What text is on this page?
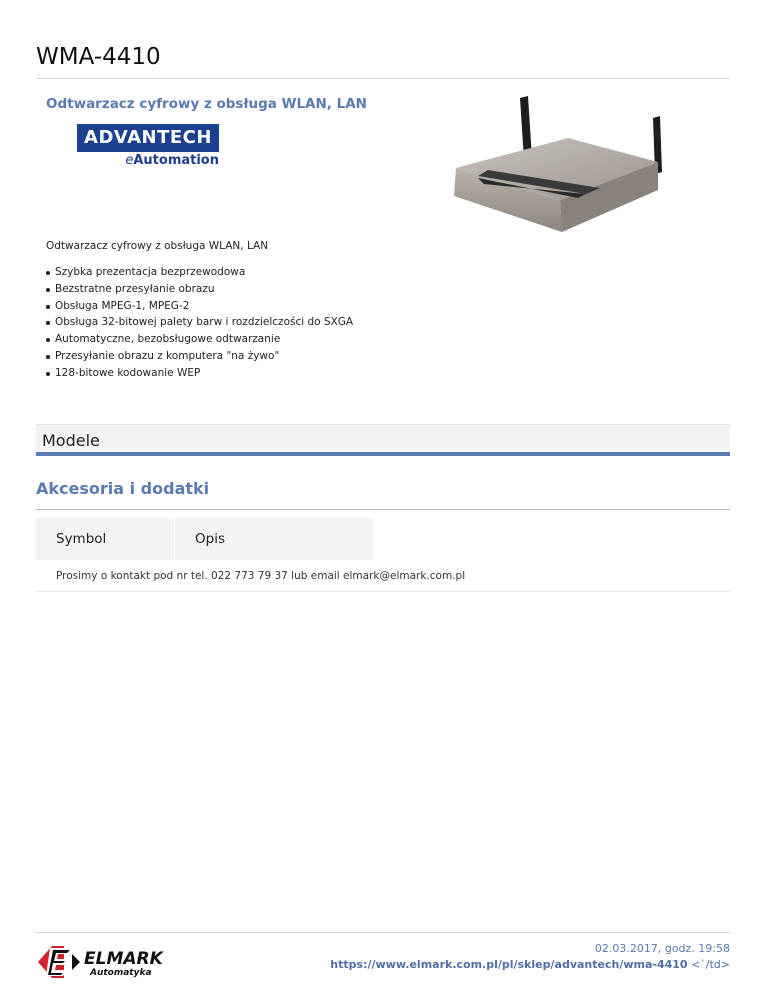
WMA-4410
Odtwarzacz cyfrowy z obsługa WLAN, LAN
ADVANTECH
eAutomation
Odtwarzacz cyfrowy z obsługa WLAN, LAN
Szybka prezentacja bezprzewodowa
Bezstratne przesyłanie obrazu
Obsługa MPEG-1, MPEG-2
Obsługa 32-bitowej palety barw i rozdzielczości do SXGA
Automatyczne, bezobsługowe odtwarzanie
Przesyłanie obrazu z komputera "na żywo"
128-bitowe kodowanie WEP
Modele
Akcesoria i dodatki
Symbol	Opis
Prosimy o kontakt pod nr tel. 022 773 79 37 lub email elmark@elmark.com.pl
ELMARK
Automatyka
02.03.2017, godz. 19:58
https://www.elmark.com.pl/pl/sklep/advantech/wma-4410 <`/td>
